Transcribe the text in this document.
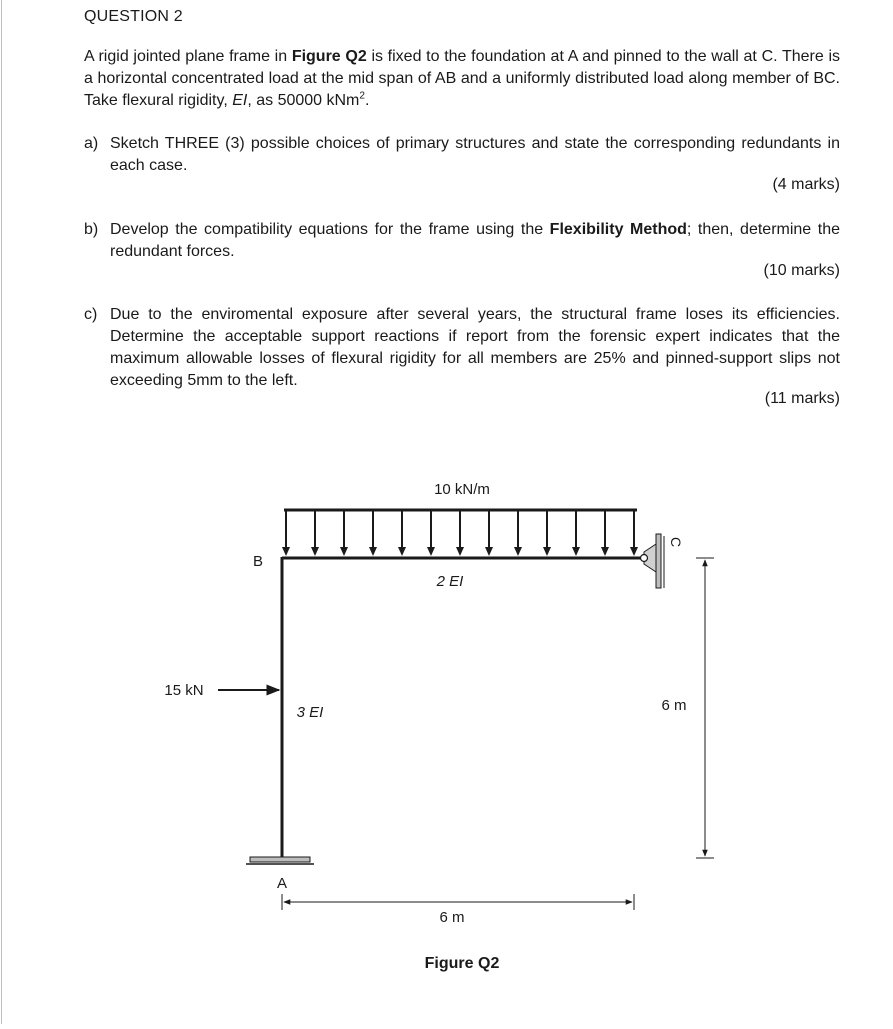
QUESTION 2
A rigid jointed plane frame in Figure Q2 is fixed to the foundation at A and pinned to the wall at C. There is a horizontal concentrated load at the mid span of AB and a uniformly distributed load along member of BC. Take flexural rigidity, EI, as 50000 kNm$^2$.
a) Sketch THREE (3) possible choices of primary structures and state the corresponding redundants in each case.
(4 marks)
b) Develop the compatibility equations for the frame using the Flexibility Method; then, determine the redundant forces.
(10 marks)
c) Due to the enviromental exposure after several years, the structural frame loses its efficiencies. Determine the acceptable support reactions if report from the forensic expert indicates that the maximum allowable losses of flexural rigidity for all members are 25% and pinned-support slips not exceeding 5mm to the left.
(11 marks)
10 kN/m
B
C
A
2 EI
3 EI
15 kN
6 m
6 m
Figure Q2
